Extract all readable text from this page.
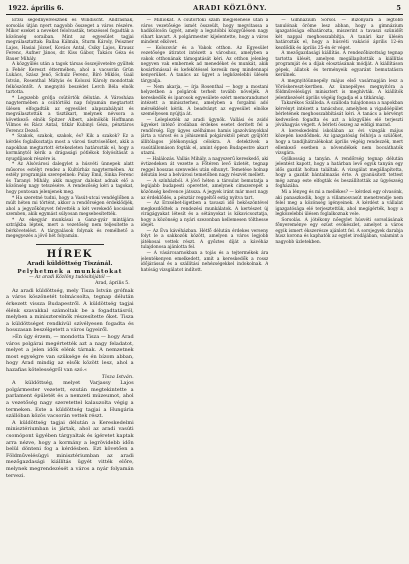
1922. április 6.	ARADI KÖZLÖNY.	5

Erzsi segédnyelvésznek és Windischt. Andrásnak, sorsolás útján nyert nagyobb összeget a város részére. Mikor ezeket a neveket felolvasták, tetszéssel fogadták a közönség soraiban. Mint az egyesület tagjai megválasztattak: Ballaa Kálmán, Sturm Károly, Peiszner Lajos, Hasiai József, Kovács Antal, Csiky Lajos, Krausz Ferenc, Aufner János, dr. Kiss Gábor, Takács Géza és Bauer Mihály.

A közgyűlés után a tagok társas összejövetelre gyűltek a Fehér Kereszt éttermében, ahol a vacsorán Grün Lukács, Szász Jenő, Schulz Ferenc, Bíró Miklós, Gaál István, Rosenthal Mátyás és Kolozsi Károly mondottak felköszöntőt. A megnyitó beszédet Lerch Béla elnök tartotta.

* Legszebb grófja csütörtök délután. A Városháza nagytermében a csütörtöki nap folyamán megtartott ülésen elfogadták az egyesület alapszabályait és megválasztották a tisztikart, melynek névsora a következő: elnök Spitzer Albert, alelnökök Hoffmann Vilmos és Rácz Antal, titkár Kubinyi Géza, pénztáros Ferencz Dezső.

* Szakok, szakok, szakok, és? Kik a szakok? Ez a kérdés foglalkoztatja most a városi tisztviselőket, akik a napokban megtartott értekezleten határozták el, hogy a kormánytól kérik a drágasági pótlékok folyósítását a nyugdíjasok részére is.

* Az Alsóvárosi dalegylet a húsvéti ünnepek alatt műsoros estélyt rendez a Kultúrház nagytermében. Az estély programján szerepelnek: Pulay Emil, Sinka Ferenc és Taranyi Mihály, akik magyar dalokat adnak elő a közönség nagy tetszésére. A rendezőség kéri a tagokat, hogy pontosan jelenjenek meg.

* Ha szeretné tudni, hogy a Vasút-utcai vendéglőben a múlt héten mi történt, akkor a rendőrségen érdeklődjék, ahol a jegyzőkönyvet felvették a két verekedő kocsissal szemben, akik egymást súlyosan megsebesítették.

* Az ekegyár munkásai a Ganz-gyár mintájára sztrájkba léptek, mert a vezetőség nem teljesítette a bérkövetelést. A tárgyalások folynak és remélhető a megegyezés a jövő hét folyamán.

HÍREK
Aradi küldöttség Tiszánál.
Pelyhetmek a munkátokat
— Az aradi Közlöny tudósítójától —
Arad, április 5.

Az aradi küldöttség, mely Tisza István grófnak a város köszönetét tolmácsolta, tegnap délután érkezett vissza Budapestről. A küldöttség tagjai élénk szavakkal számoltak be a fogadtatásról, melyben a miniszterelnök részesítette őket. Tisza a küldöttséget rendkívül szívélyesen fogadta és hosszasan beszélgetett a város ügyeiről.

»Én úgy érzem, — mondotta Tisza — hogy Arad város polgárai megértették azt a nagy feladatot, melyet a jelen idők elénk tárnak. A nemzetnek most egységre van szüksége és én bízom abban, hogy Arad mindig az elsők között lesz, ahol a hazafias kötelességről van szó.«

Tisza István.

A küldöttség, melyet Varjassy Lajos polgármester vezetett, ezután megtekintette a parlament épületét és a nemzeti múzeumot, ahol a vezetőség nagy szeretettel kalauzolta végig a termeken. Este a küldöttség tagjai a Hungária szállóban közös vacsorán vettek részt.

A küldöttség tagjai délután a Kereskedelmi minisztériumban is jártak, ahol az aradi vasúti csomópont ügyében tárgyaltak és ígéretet kaptak arra nézve, hogy a kormány a legrövidebb időn belül dönteni fog a kérdésben. Ezt követően a Földművelésügyi minisztériumban az aradi mezőgazdasági kiállítás ügyét vitték előre, melynek megrendezését a város a nyár folyamán tervezi.

— Milliókat. A csütörtöki szám megjelenése után a város vezetősége ismét összeült, hogy megvitassa a hadikölcsön ügyét, amely a legutóbbi közgyűlésen nagy vihart kavart. A polgármester kijelentette, hogy a város mindent elkövet.

— Kolozsvár és a Vakok otthon. Az Egyesület vezetősége átiratot intézett a városhoz, amelyben a vakok otthonának támogatását kéri. Az otthon jelenleg negyven vak embernek ad menedéket és munkát, akik kosárfonással és kefekötéssel keresik meg mindennapi kenyerüket. A tanács az ügyet a legközelebbi ülésén tárgyalja.

— Nem akarja, — írja Rosenthal — hogy a mostani helyzetben a polgárok terheit tovább növeljék. A kereskedők és iparosok egyesülete ezért memorandumot intézett a miniszterhez, amelyben a forgalmi adó mérséklését kérik. A beadványt az egyesület elnöke személyesen nyújtja át.

— Leleplezték az aradi ügynök. Vallási és zsidó ügyeket intéző irodában érdekes esetet derített fel a rendőrség. Egy ügyes szélhámos hamis igazolványokkal járta a várost és a jóhiszemű polgároktól pénzt gyűjtött állítólagos jótékonysági célokra. A detektívek a vasútállomáson fogták el, amint éppen Budapestre akart utazni.

— Halálozás. Vallás Mihály, a nagyszerű kereskedő, aki évtizedeken át vezette a Főtéren levő üzletét, tegnap reggel hosszas szenvedés után elhunyt. Temetése holnap délután lesz a belvárosi temetőben nagy részvét mellett.

— A színházból. A jövő héten a társulat bemutatja a legújabb budapesti operettet, amelynek címszerepét a közönség kedvence játssza. A jegyek iránt már most nagy az érdeklődés, a pénztár reggeltől estig nyitva tart.

— Az Erzsébet-ligetben a tavaszi idő beköszöntével megkezdődtek a rendezési munkálatok. A kertészet új virágágyakat létesít és a sétányokat is kikavicsoztatja, hogy a közönség a nyári szezonban kellemesen tölthesse idejét.

— Az Éva kávéházban. Hétfő délután érdekes verseny folyt le a sakkozók között, amelyen a város legjobb játékosai vettek részt. A győztes díját a kávéház tulajdonosa ajánlotta fel.

— A vásárcsarnokban a tojás és a tejtermékek ára jelentékenyen emelkedett, amit a kereskedők a rossz időjárással és a szállítási nehézségekkel indokolnak. A hatóság vizsgálatot indított.

— Gimnázium Sorsol. — Bizonyára a legtöbb tanulónak öröme lesz abban, hogy a gimnázium igazgatósága elhatározta, miszerint a tavaszi szünidőt két nappal meghosszabbítja. A tanári kar ülésén határozták el, hogy a húsvéti vakáció április 12-én kezdődik és április 25-én ér véget.

A mezőgazdasági kiállítás. A rendezőbizottság tegnap tartotta ülését, amelyen megállapították a kiállítás programját és a díjak elosztásának módját. A kiállításon gépek, állatok és terményeik egyaránt bemutatásra kerülnek.

A megnyitóünnepély május első vasárnapján lesz a Vöröskereszt-kertben. Az ünnepélyes megnyitóra a földművelésügyi minisztert is meghívták. A kiállítók jelentkezését április végéig fogadja el a titkárság.

Takarékos Szálloda. A szálloda tulajdonosa a napokban kérvényt intézett a tanácshoz, amelyben a vigadóépület bérletének meghosszabbítását kéri. A tanács a kérvényt kedvezően fogadta és azt a közgyűlés elé terjeszti jóváhagyás végett. A bérleti összeg az eddigi marad.

A kereskedelmi iskolában az évi vizsgák május közepén kezdődnek. Az igazgatóság felhívja a szülőket, hogy a tandíjhátralékokat április végéig rendezzék, mert ellenkező esetben a növendékek nem bocsáthatók vizsgára.

Gyilkosság a tanyán. A rendőrség tegnap délután jelentést kapott, hogy a határban levő egyik tanyán egy idős gazdát holtan találtak. A vizsgálat megállapította, hogy a gazdát bántalmazás érte. A gyanúsított tettest még aznap este elfogták és beszállították az ügyészség fogházába.

Mi a lényeg és mi a mellékes? — kérdezi egy olvasónk, aki panaszkodik, hogy a villamosvasút menetrendje nem felel meg a közönség igényeinek. A kérdést a vállalat igazgatósága elé terjesztettük, ahol megígérték, hogy a legközelebbi ülésen foglalkoznak vele.

Sorsolás. A jótékony nőegylet húsvéti sorsolásának főnyereménye egy ezüst evőkészlet, amelyet a város egyik ismert ékszerésze ajánlott fel. A sorsjegyek darabja húsz korona és kaphatók az egylet irodájában, valamint a nagyobb üzletekben.
